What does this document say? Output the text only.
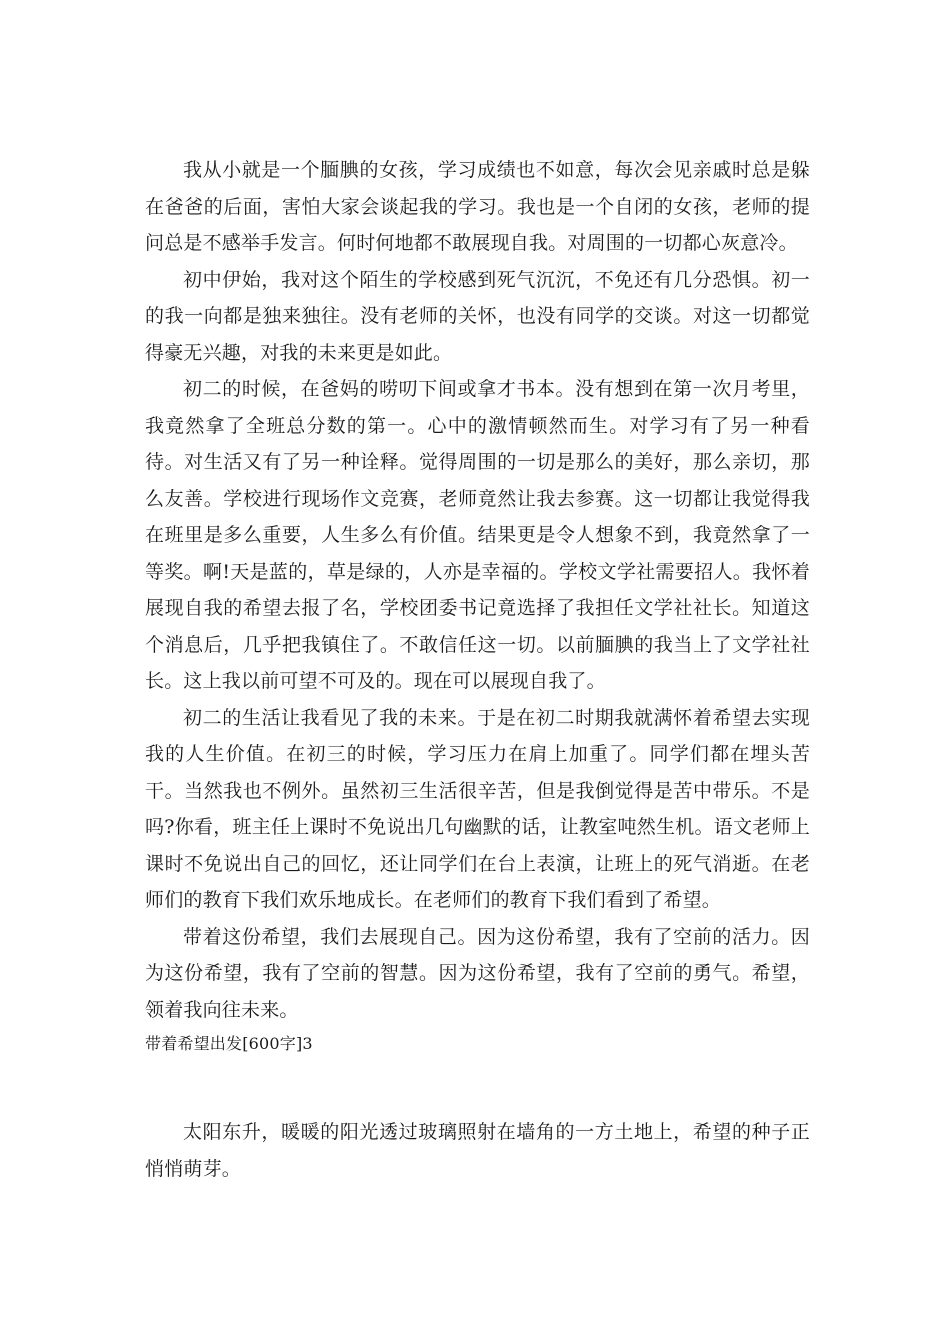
我从小就是一个腼腆的女孩，学习成绩也不如意，每次会见亲戚时总是躲在爸爸的后面，害怕大家会谈起我的学习。我也是一个自闭的女孩，老师的提问总是不感举手发言。何时何地都不敢展现自我。对周围的一切都心灰意冷。

初中伊始，我对这个陌生的学校感到死气沉沉，不免还有几分恐惧。初一的我一向都是独来独往。没有老师的关怀，也没有同学的交谈。对这一切都觉得豪无兴趣，对我的未来更是如此。

初二的时候，在爸妈的唠叨下间或拿才书本。没有想到在第一次月考里，我竟然拿了全班总分数的第一。心中的激情顿然而生。对学习有了另一种看待。对生活又有了另一种诠释。觉得周围的一切是那么的美好，那么亲切，那么友善。学校进行现场作文竞赛，老师竟然让我去参赛。这一切都让我觉得我在班里是多么重要，人生多么有价值。结果更是令人想象不到，我竟然拿了一等奖。啊!天是蓝的，草是绿的，人亦是幸福的。学校文学社需要招人。我怀着展现自我的希望去报了名，学校团委书记竟选择了我担任文学社社长。知道这个消息后，几乎把我镇住了。不敢信任这一切。以前腼腆的我当上了文学社社长。这上我以前可望不可及的。现在可以展现自我了。

初二的生活让我看见了我的未来。于是在初二时期我就满怀着希望去实现我的人生价值。在初三的时候，学习压力在肩上加重了。同学们都在埋头苦干。当然我也不例外。虽然初三生活很辛苦，但是我倒觉得是苦中带乐。不是吗?你看，班主任上课时不免说出几句幽默的话，让教室吨然生机。语文老师上课时不免说出自己的回忆，还让同学们在台上表演，让班上的死气消逝。在老师们的教育下我们欢乐地成长。在老师们的教育下我们看到了希望。

带着这份希望，我们去展现自己。因为这份希望，我有了空前的活力。因为这份希望，我有了空前的智慧。因为这份希望，我有了空前的勇气。希望，领着我向往未来。

带着希望出发[600字]3

太阳东升，暖暖的阳光透过玻璃照射在墙角的一方土地上，希望的种子正悄悄萌芽。
